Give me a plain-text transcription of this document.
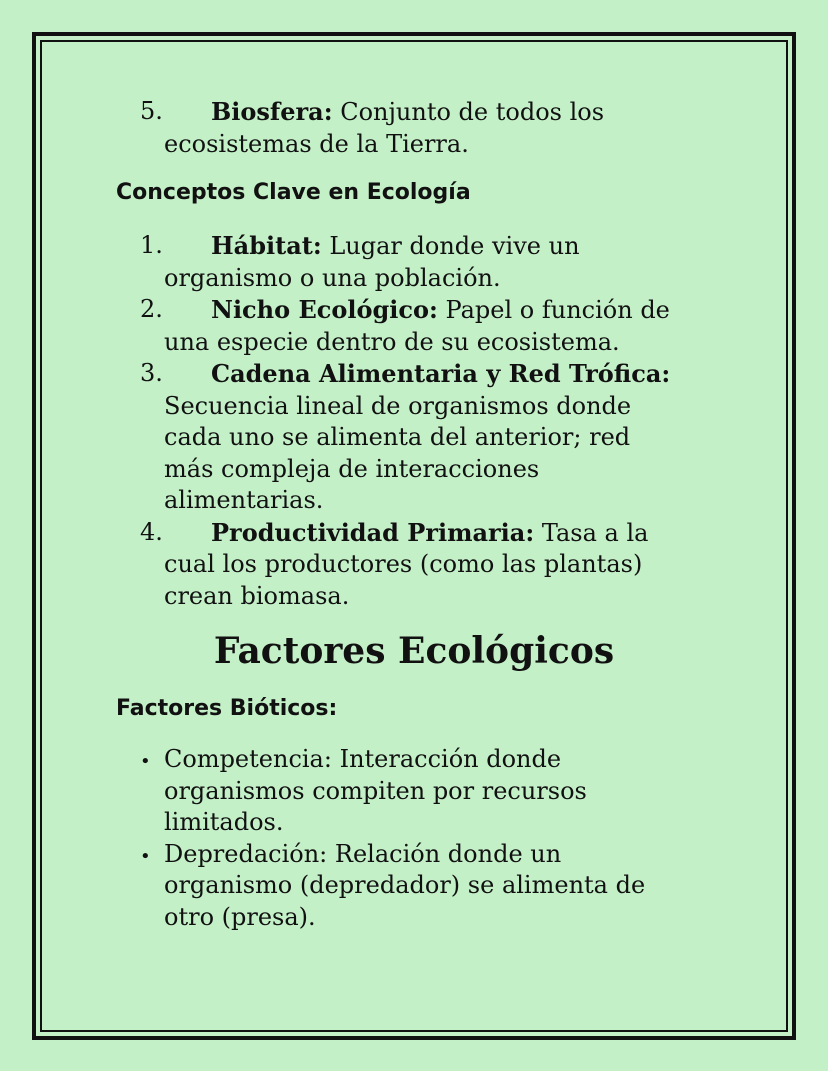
5. Biosfera: Conjunto de todos los
ecosistemas de la Tierra.
Conceptos Clave en Ecología
1. Hábitat: Lugar donde vive un
organismo o una población.
2. Nicho Ecológico: Papel o función de
una especie dentro de su ecosistema.
3. Cadena Alimentaria y Red Trófica:
Secuencia lineal de organismos donde
cada uno se alimenta del anterior; red
más compleja de interacciones
alimentarias.
4. Productividad Primaria: Tasa a la
cual los productores (como las plantas)
crean biomasa.
Factores Ecológicos
Factores Bióticos:
• Competencia: Interacción donde
organismos compiten por recursos
limitados.
• Depredación: Relación donde un
organismo (depredador) se alimenta de
otro (presa).
